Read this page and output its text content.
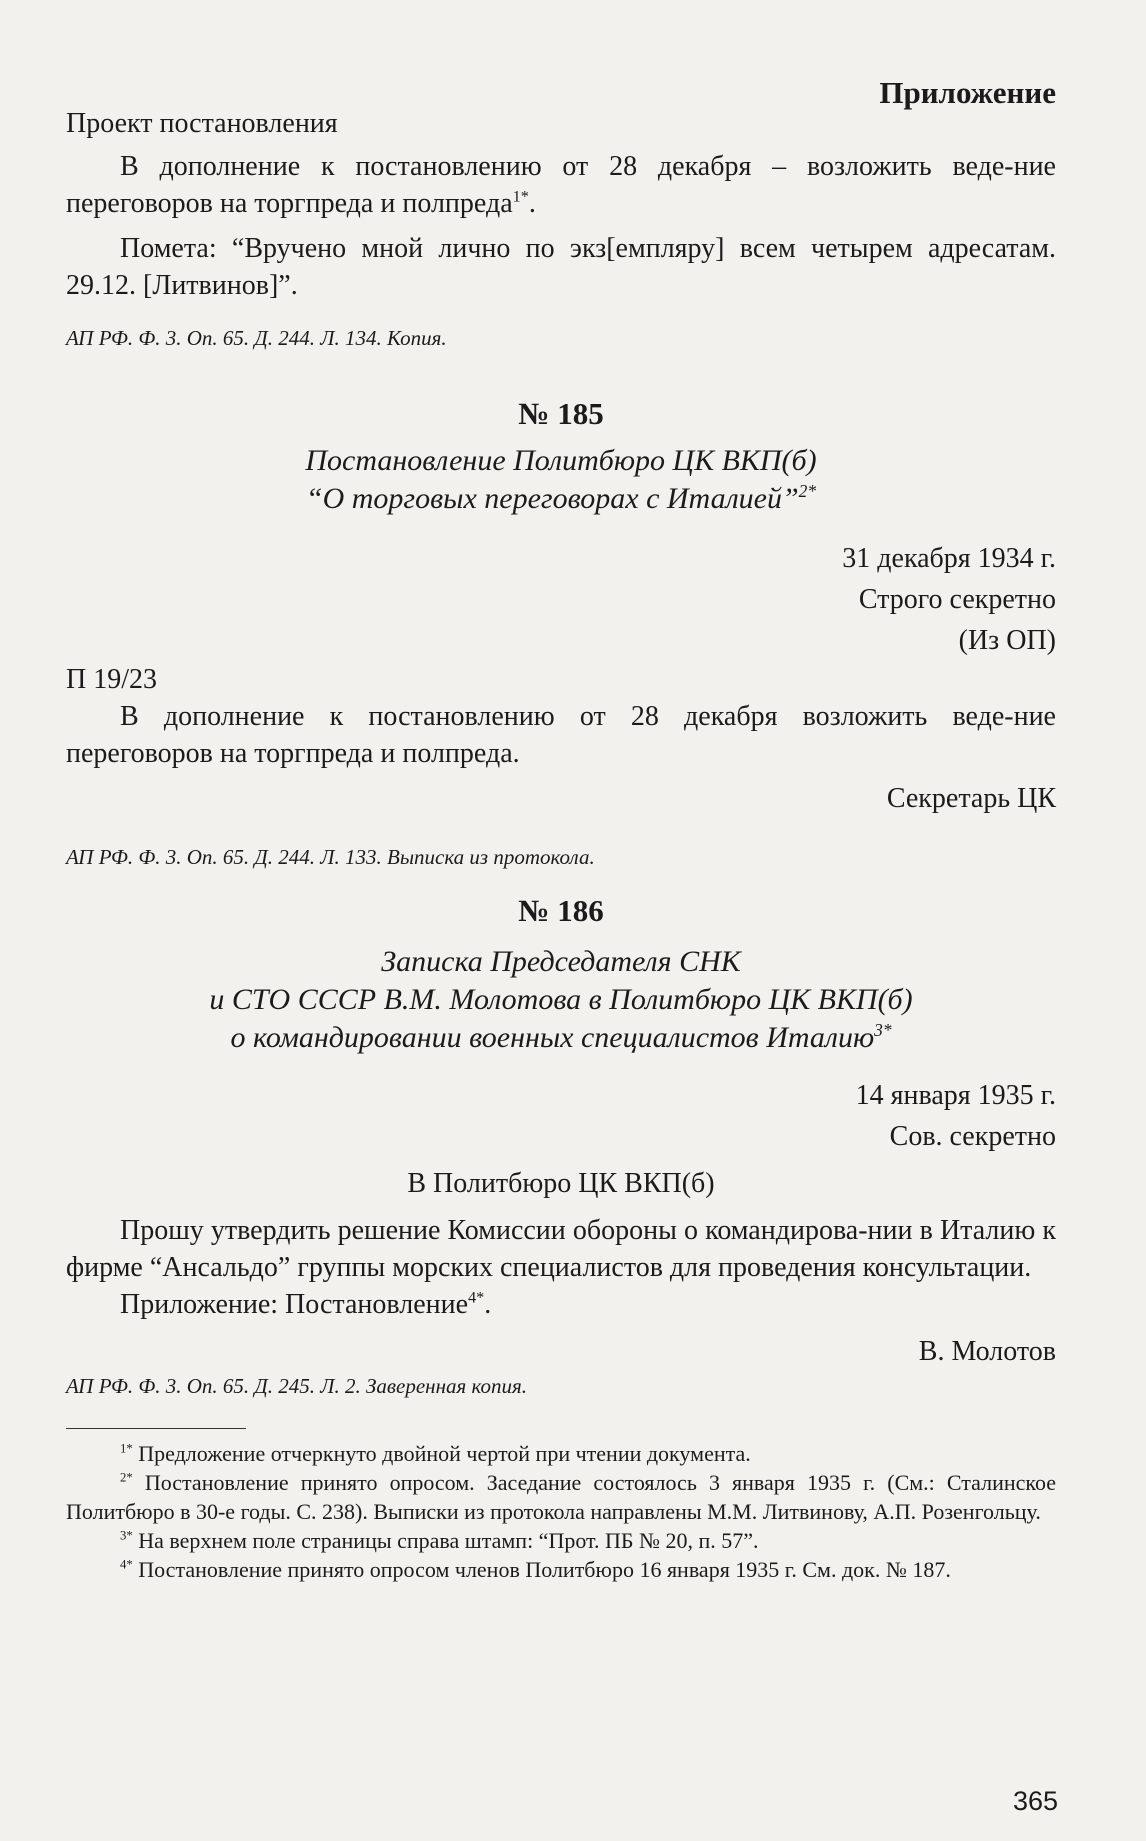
Приложение
Проект постановления

В дополнение к постановлению от 28 декабря – возложить веде-ние переговоров на торгпреда и полпреда$^{1*}$.

Помета: “Вручено мной лично по экз[емпляру] всем четырем адресатам. 29.12. [Литвинов]”.

АП РФ. Ф. 3. Оп. 65. Д. 244. Л. 134. Копия.

№ 185
Постановление Политбюро ЦК ВКП(б)
“О торговых переговорах с Италией”$^{2*}$
31 декабря 1934 г.
Строго секретно
(Из ОП)
П 19/23

В дополнение к постановлению от 28 декабря возложить веде-ние переговоров на торгпреда и полпреда.

Секретарь ЦК

АП РФ. Ф. 3. Оп. 65. Д. 244. Л. 133. Выписка из протокола.

№ 186
Записка Председателя СНК
и СТО СССР В.М. Молотова в Политбюро ЦК ВКП(б)
о командировании военных специалистов Италию$^{3*}$
14 января 1935 г.
Сов. секретно
В Политбюро ЦК ВКП(б)

Прошу утвердить решение Комиссии обороны о командирова-нии в Италию к фирме “Ансальдо” группы морских специалистов для проведения консультации.

Приложение: Постановление$^{4*}$.

В. Молотов

АП РФ. Ф. 3. Оп. 65. Д. 245. Л. 2. Заверенная копия.

$^{1*}$ Предложение отчеркнуто двойной чертой при чтении документа.

$^{2*}$ Постановление принято опросом. Заседание состоялось 3 января 1935 г. (См.: Сталинское Политбюро в 30-е годы. С. 238). Выписки из протокола направлены М.М. Литвинову, А.П. Розенгольцу.

$^{3*}$ На верхнем поле страницы справа штамп: “Прот. ПБ № 20, п. 57”.

$^{4*}$ Постановление принято опросом членов Политбюро 16 января 1935 г. См. док. № 187.

365
